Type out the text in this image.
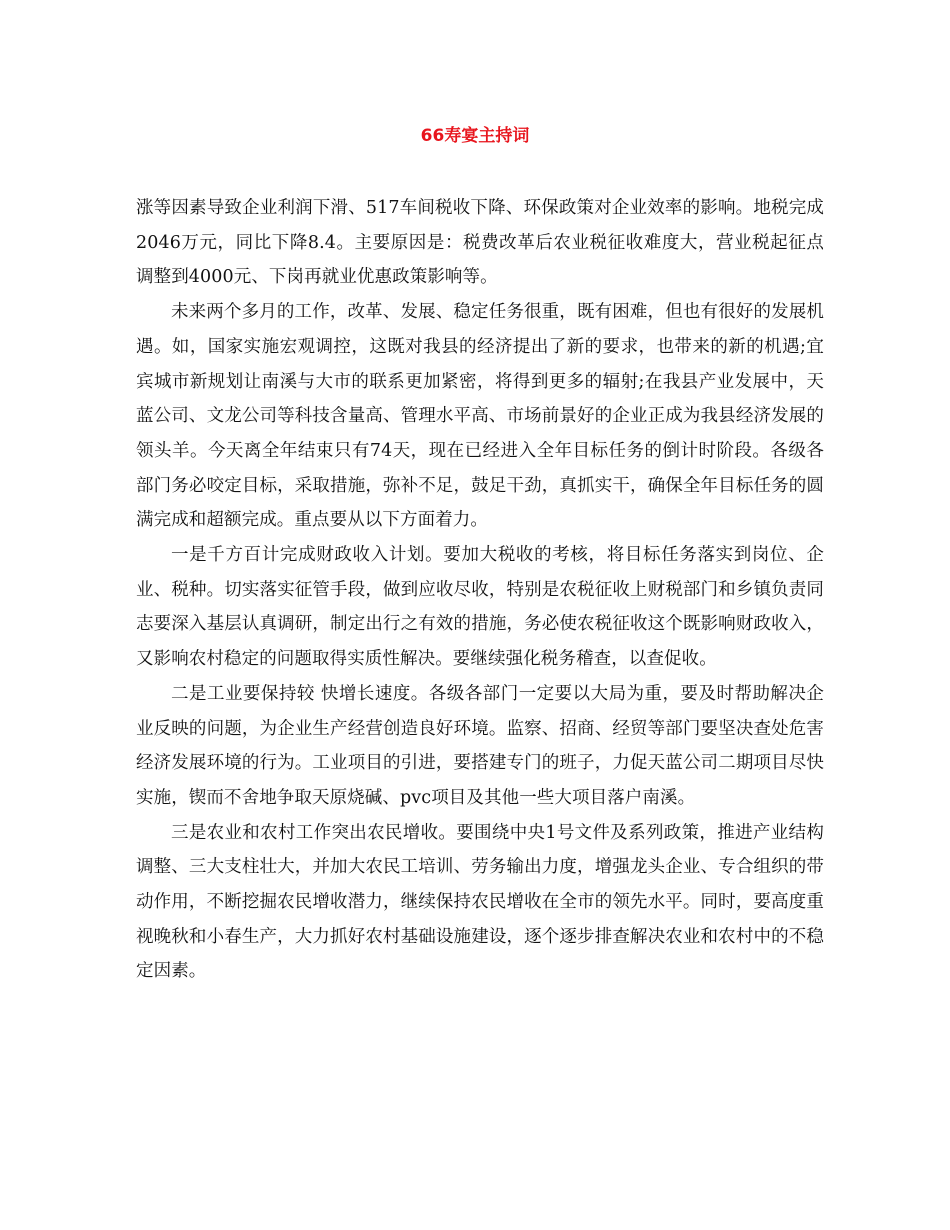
66寿宴主持词

涨等因素导致企业利润下滑、517车间税收下降、环保政策对企业效率的影响。地税完成2046万元，同比下降8.4。主要原因是：税费改革后农业税征收难度大，营业税起征点调整到4000元、下岗再就业优惠政策影响等。

未来两个多月的工作，改革、发展、稳定任务很重，既有困难，但也有很好的发展机遇。如，国家实施宏观调控，这既对我县的经济提出了新的要求，也带来的新的机遇;宜宾城市新规划让南溪与大市的联系更加紧密，将得到更多的辐射;在我县产业发展中，天蓝公司、文龙公司等科技含量高、管理水平高、市场前景好的企业正成为我县经济发展的领头羊。今天离全年结束只有74天，现在已经进入全年目标任务的倒计时阶段。各级各部门务必咬定目标，采取措施，弥补不足，鼓足干劲，真抓实干，确保全年目标任务的圆满完成和超额完成。重点要从以下方面着力。

一是千方百计完成财政收入计划。要加大税收的考核，将目标任务落实到岗位、企业、税种。切实落实征管手段，做到应收尽收，特别是农税征收上财税部门和乡镇负责同志要深入基层认真调研，制定出行之有效的措施，务必使农税征收这个既影响财政收入，又影响农村稳定的问题取得实质性解决。要继续强化税务稽查，以查促收。

二是工业要保持较 快增长速度。各级各部门一定要以大局为重，要及时帮助解决企业反映的问题，为企业生产经营创造良好环境。监察、招商、经贸等部门要坚决查处危害经济发展环境的行为。工业项目的引进，要搭建专门的班子，力促天蓝公司二期项目尽快实施，锲而不舍地争取天原烧碱、pvc项目及其他一些大项目落户南溪。

三是农业和农村工作突出农民增收。要围绕中央1号文件及系列政策，推进产业结构调整、三大支柱壮大，并加大农民工培训、劳务输出力度，增强龙头企业、专合组织的带动作用，不断挖掘农民增收潜力，继续保持农民增收在全市的领先水平。同时，要高度重视晚秋和小春生产，大力抓好农村基础设施建设，逐个逐步排查解决农业和农村中的不稳定因素。
